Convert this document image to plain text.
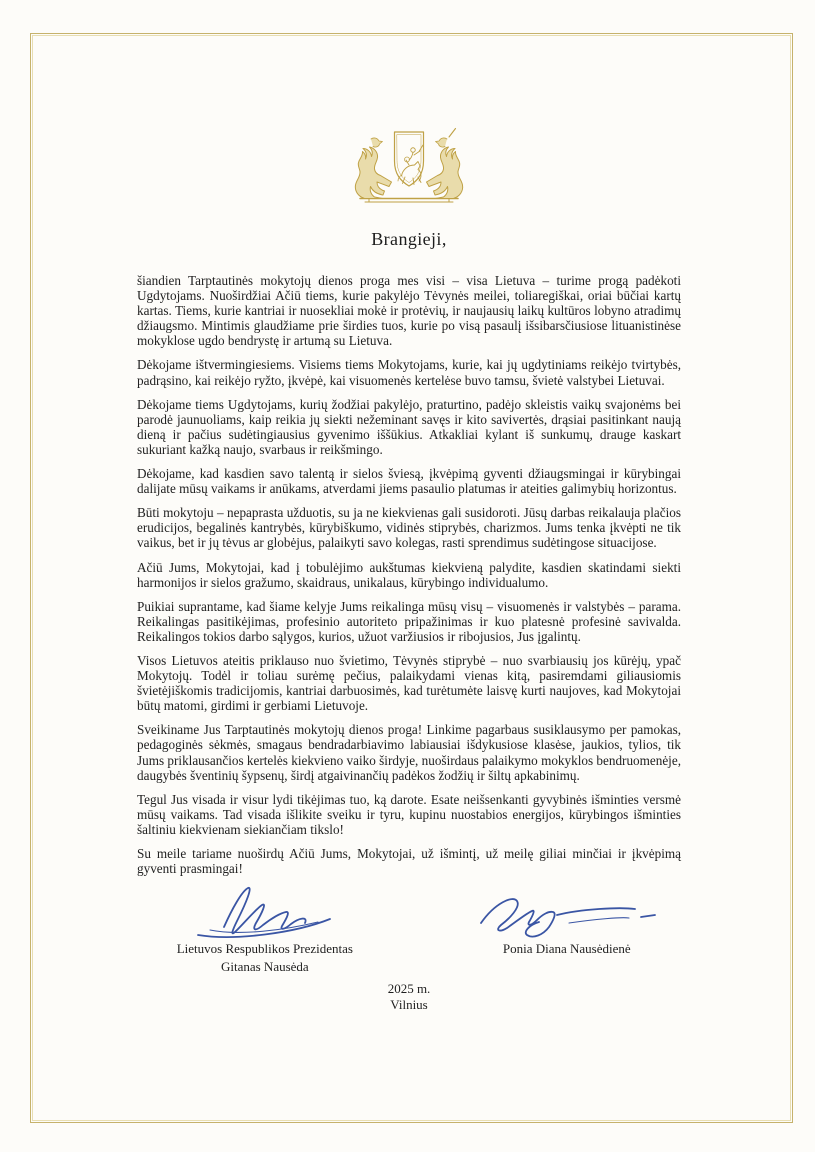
Brangieji,

šiandien Tarptautinės mokytojų dienos proga mes visi – visa Lietuva – turime progą padėkoti Ugdytojams. Nuoširdžiai Ačiū tiems, kurie pakylėjo Tėvynės meilei, toliaregiškai, oriai būčiai kartų kartas. Tiems, kurie kantriai ir nuosekliai mokė ir protėvių, ir naujausių laikų kultūros lobyno atradimų džiaugsmo. Mintimis glaudžiame prie širdies tuos, kurie po visą pasaulį išsibarsčiusiose lituanistinėse mokyklose ugdo bendrystę ir artumą su Lietuva.

Dėkojame ištvermingiesiems. Visiems tiems Mokytojams, kurie, kai jų ugdytiniams reikėjo tvirtybės, padrąsino, kai reikėjo ryžto, įkvėpė, kai visuomenės kertelėse buvo tamsu, švietė valstybei Lietuvai.

Dėkojame tiems Ugdytojams, kurių žodžiai pakylėjo, praturtino, padėjo skleistis vaikų svajonėms bei parodė jaunuoliams, kaip reikia jų siekti nežeminant savęs ir kito savivertės, drąsiai pasitinkant naują dieną ir pačius sudėtingiausius gyvenimo iššūkius. Atkakliai kylant iš sunkumų, drauge kaskart sukuriant kažką naujo, svarbaus ir reikšmingo.

Dėkojame, kad kasdien savo talentą ir sielos šviesą, įkvėpimą gyventi džiaugsmingai ir kūrybingai dalijate mūsų vaikams ir anūkams, atverdami jiems pasaulio platumas ir ateities galimybių horizontus.

Būti mokytoju – nepaprasta užduotis, su ja ne kiekvienas gali susidoroti. Jūsų darbas reikalauja plačios erudicijos, begalinės kantrybės, kūrybiškumo, vidinės stiprybės, charizmos. Jums tenka įkvėpti ne tik vaikus, bet ir jų tėvus ar globėjus, palaikyti savo kolegas, rasti sprendimus sudėtingose situacijose.

Ačiū Jums, Mokytojai, kad į tobulėjimo aukštumas kiekvieną palydite, kasdien skatindami siekti harmonijos ir sielos gražumo, skaidraus, unikalaus, kūrybingo individualumo.

Puikiai suprantame, kad šiame kelyje Jums reikalinga mūsų visų – visuomenės ir valstybės – parama. Reikalingas pasitikėjimas, profesinio autoriteto pripažinimas ir kuo platesnė profesinė savivalda. Reikalingos tokios darbo sąlygos, kurios, užuot varžiusios ir ribojusios, Jus įgalintų.

Visos Lietuvos ateitis priklauso nuo švietimo, Tėvynės stiprybė – nuo svarbiausių jos kūrėjų, ypač Mokytojų. Todėl ir toliau surėmę pečius, palaikydami vienas kitą, pasiremdami giliausiomis švietėjiškomis tradicijomis, kantriai darbuosimės, kad turėtumėte laisvę kurti naujoves, kad Mokytojai būtų matomi, girdimi ir gerbiami Lietuvoje.

Sveikiname Jus Tarptautinės mokytojų dienos proga! Linkime pagarbaus susiklausymo per pamokas, pedagoginės sėkmės, smagaus bendradarbiavimo labiausiai išdykusiose klasėse, jaukios, tylios, tik Jums priklausančios kertelės kiekvieno vaiko širdyje, nuoširdaus palaikymo mokyklos bendruomenėje, daugybės šventinių šypsenų, širdį atgaivinančių padėkos žodžių ir šiltų apkabinimų.

Tegul Jus visada ir visur lydi tikėjimas tuo, ką darote. Esate neišsenkanti gyvybinės išminties versmė mūsų vaikams. Tad visada išlikite sveiku ir tyru, kupinu nuostabios energijos, kūrybingos išminties šaltiniu kiekvienam siekiančiam tikslo!

Su meile tariame nuoširdų Ačiū Jums, Mokytojai, už išmintį, už meilę giliai minčiai ir įkvėpimą gyventi prasmingai!

Lietuvos Respublikos Prezidentas

Gitanas Nausėda

Ponia Diana Nausėdienė

2025 m.
Vilnius
